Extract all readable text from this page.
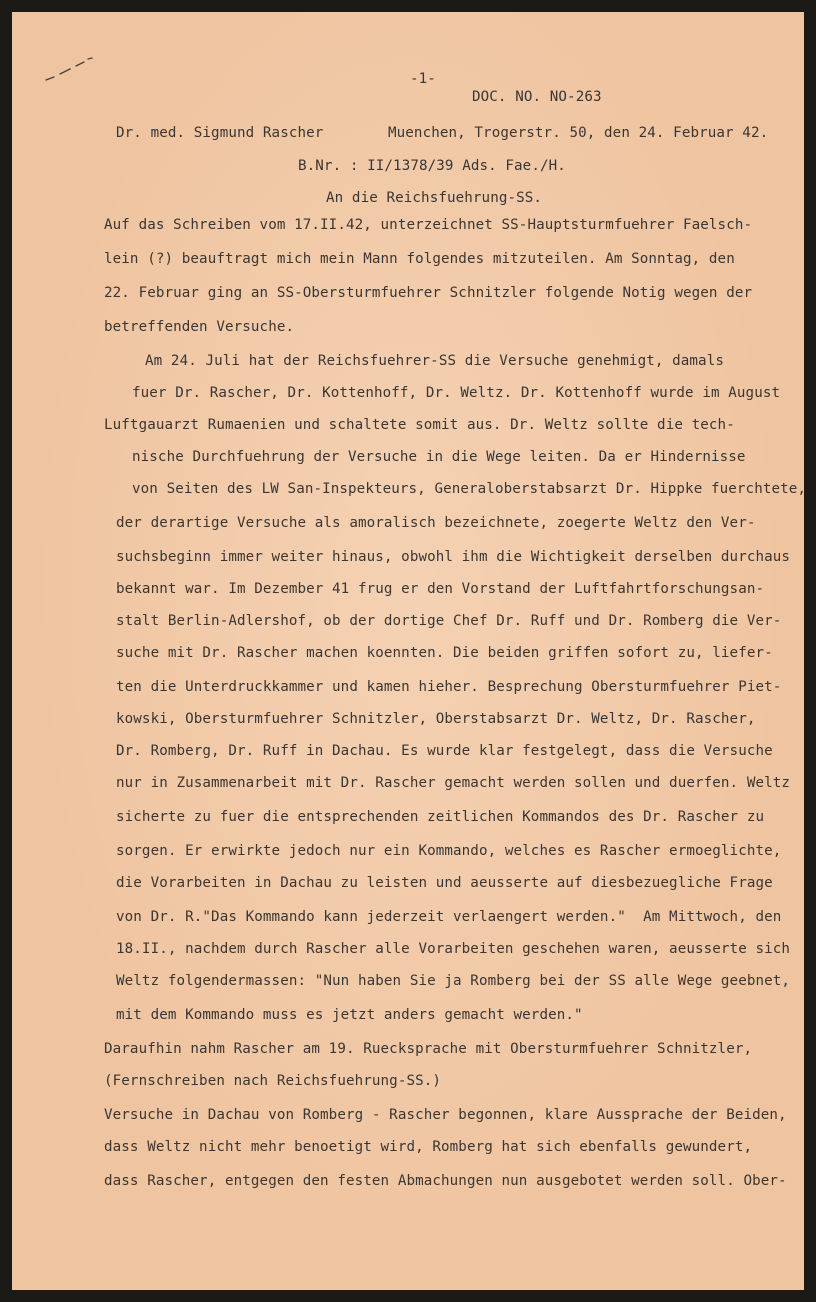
-1-
DOC. NO. NO-263
Dr. med. Sigmund Rascher	Muenchen, Trogerstr. 50, den 24. Februar 42.
B.Nr. : II/1378/39 Ads. Fae./H.
An die Reichsfuehrung-SS.
Auf das Schreiben vom 17.II.42, unterzeichnet SS-Hauptsturmfuehrer Faelsch-
lein (?) beauftragt mich mein Mann folgendes mitzuteilen. Am Sonntag, den
22. Februar ging an SS-Obersturmfuehrer Schnitzler folgende Notig wegen der
betreffenden Versuche.
Am 24. Juli hat der Reichsfuehrer-SS die Versuche genehmigt, damals
fuer Dr. Rascher, Dr. Kottenhoff, Dr. Weltz. Dr. Kottenhoff wurde im August
Luftgauarzt Rumaenien und schaltete somit aus. Dr. Weltz sollte die tech-
nische Durchfuehrung der Versuche in die Wege leiten. Da er Hindernisse
von Seiten des LW San-Inspekteurs, Generaloberstabsarzt Dr. Hippke fuerchtete,
der derartige Versuche als amoralisch bezeichnete, zoegerte Weltz den Ver-
suchsbeginn immer weiter hinaus, obwohl ihm die Wichtigkeit derselben durchaus
bekannt war. Im Dezember 41 frug er den Vorstand der Luftfahrtforschungsan-
stalt Berlin-Adlershof, ob der dortige Chef Dr. Ruff und Dr. Romberg die Ver-
suche mit Dr. Rascher machen koennten. Die beiden griffen sofort zu, liefer-
ten die Unterdruckkammer und kamen hieher. Besprechung Obersturmfuehrer Piet-
kowski, Obersturmfuehrer Schnitzler, Oberstabsarzt Dr. Weltz, Dr. Rascher,
Dr. Romberg, Dr. Ruff in Dachau. Es wurde klar festgelegt, dass die Versuche
nur in Zusammenarbeit mit Dr. Rascher gemacht werden sollen und duerfen. Weltz
sicherte zu fuer die entsprechenden zeitlichen Kommandos des Dr. Rascher zu
sorgen. Er erwirkte jedoch nur ein Kommando, welches es Rascher ermoeglichte,
die Vorarbeiten in Dachau zu leisten und aeusserte auf diesbezuegliche Frage
von Dr. R."Das Kommando kann jederzeit verlaengert werden."  Am Mittwoch, den
18.II., nachdem durch Rascher alle Vorarbeiten geschehen waren, aeusserte sich
Weltz folgendermassen: "Nun haben Sie ja Romberg bei der SS alle Wege geebnet,
mit dem Kommando muss es jetzt anders gemacht werden."
Daraufhin nahm Rascher am 19. Ruecksprache mit Obersturmfuehrer Schnitzler,
(Fernschreiben nach Reichsfuehrung-SS.)
Versuche in Dachau von Romberg - Rascher begonnen, klare Aussprache der Beiden,
dass Weltz nicht mehr benoetigt wird, Romberg hat sich ebenfalls gewundert,
dass Rascher, entgegen den festen Abmachungen nun ausgebotet werden soll. Ober-
